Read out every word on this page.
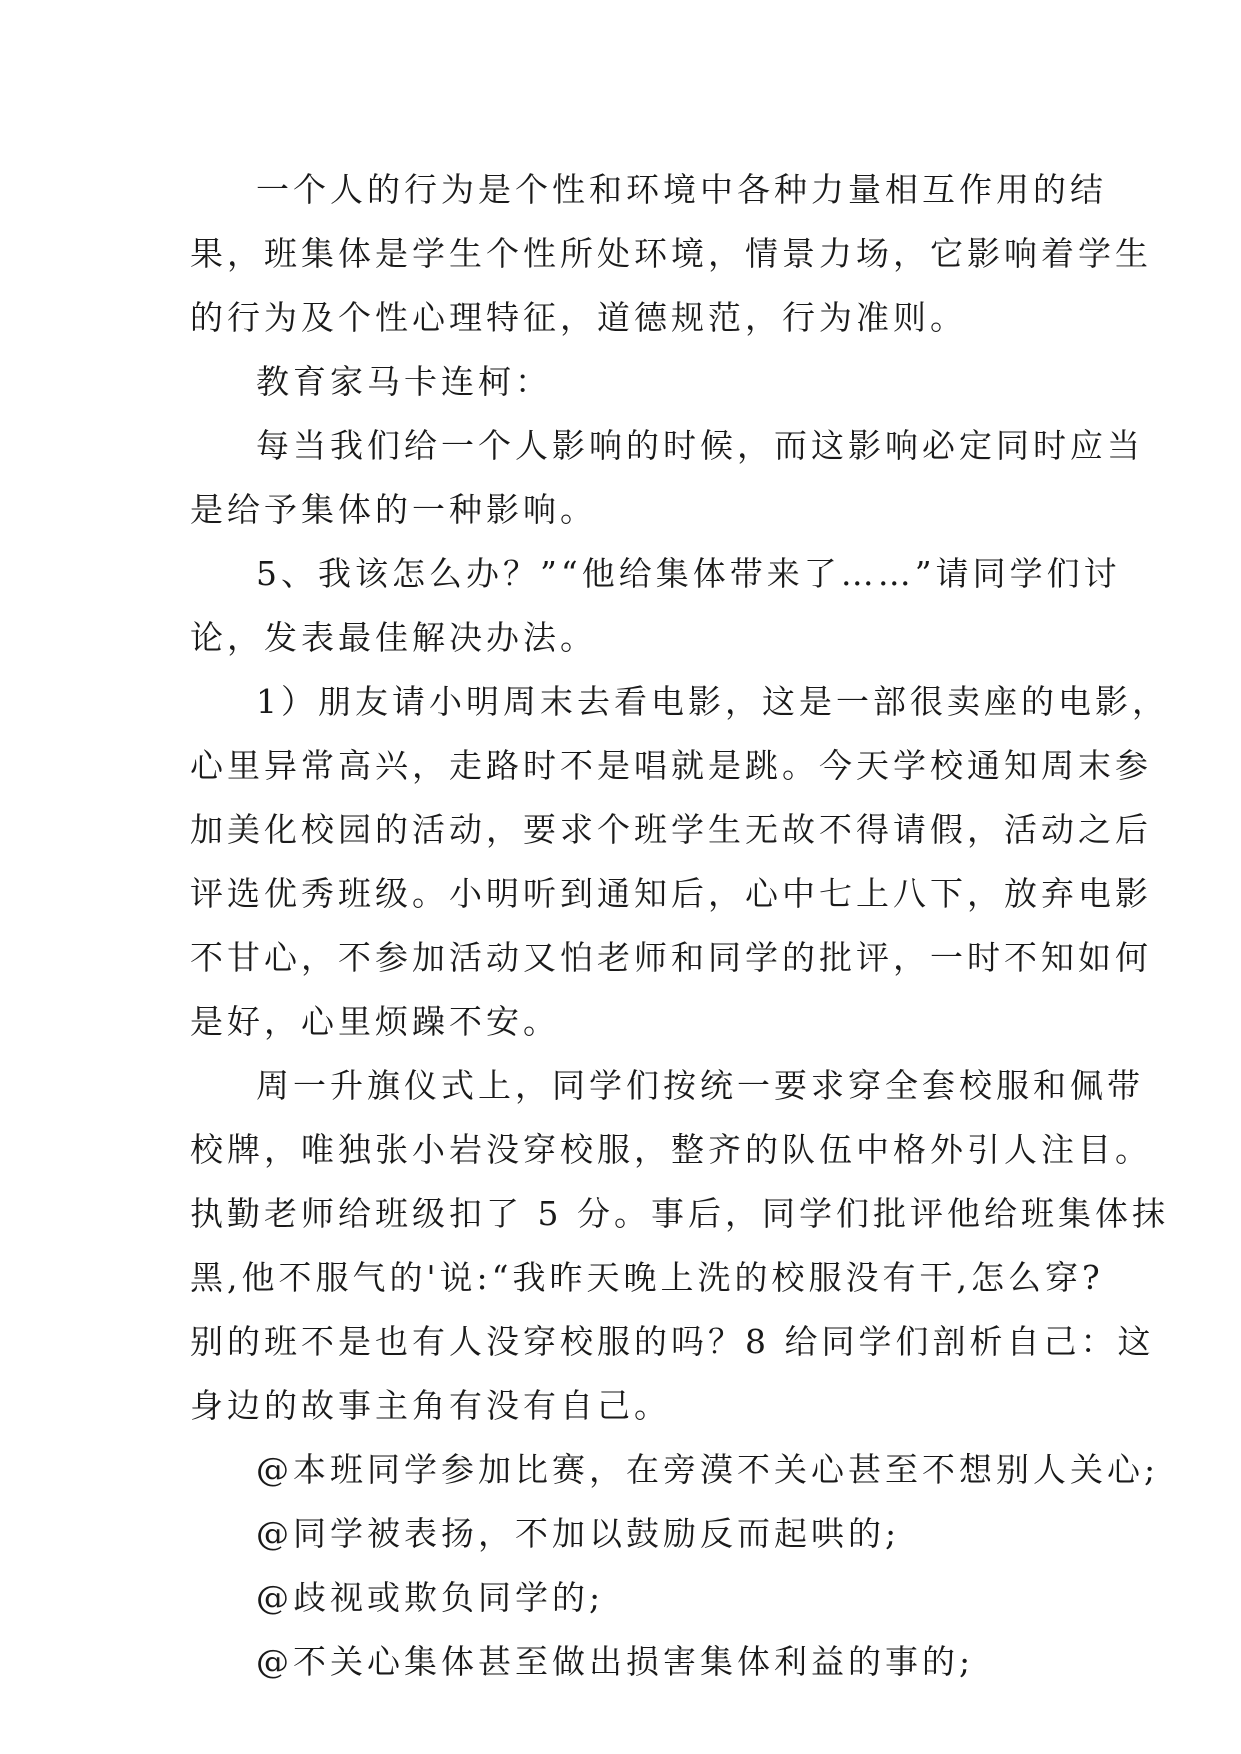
一个人的行为是个性和环境中各种力量相互作用的结
果，班集体是学生个性所处环境，情景力场，它影响着学生
的行为及个性心理特征，道德规范，行为准则。

教育家马卡连柯：

每当我们给一个人影响的时候，而这影响必定同时应当
是给予集体的一种影响。

5、我该怎么办？”“他给集体带来了……”请同学们讨
论，发表最佳解决办法。

1）朋友请小明周末去看电影，这是一部很卖座的电影，
心里异常高兴，走路时不是唱就是跳。今天学校通知周末参
加美化校园的活动，要求个班学生无故不得请假，活动之后
评选优秀班级。小明听到通知后，心中七上八下，放弃电影
不甘心，不参加活动又怕老师和同学的批评，一时不知如何
是好，心里烦躁不安。

周一升旗仪式上，同学们按统一要求穿全套校服和佩带
校牌，唯独张小岩没穿校服，整齐的队伍中格外引人注目。
执勤老师给班级扣了 5 分。事后，同学们批评他给班集体抹
黑,他不服气的'说:“我昨天晚上洗的校服没有干,怎么穿?
别的班不是也有人没穿校服的吗？8 给同学们剖析自己：这
身边的故事主角有没有自己。

@本班同学参加比赛，在旁漠不关心甚至不想别人关心;

@同学被表扬，不加以鼓励反而起哄的;

@歧视或欺负同学的;

@不关心集体甚至做出损害集体利益的事的;
